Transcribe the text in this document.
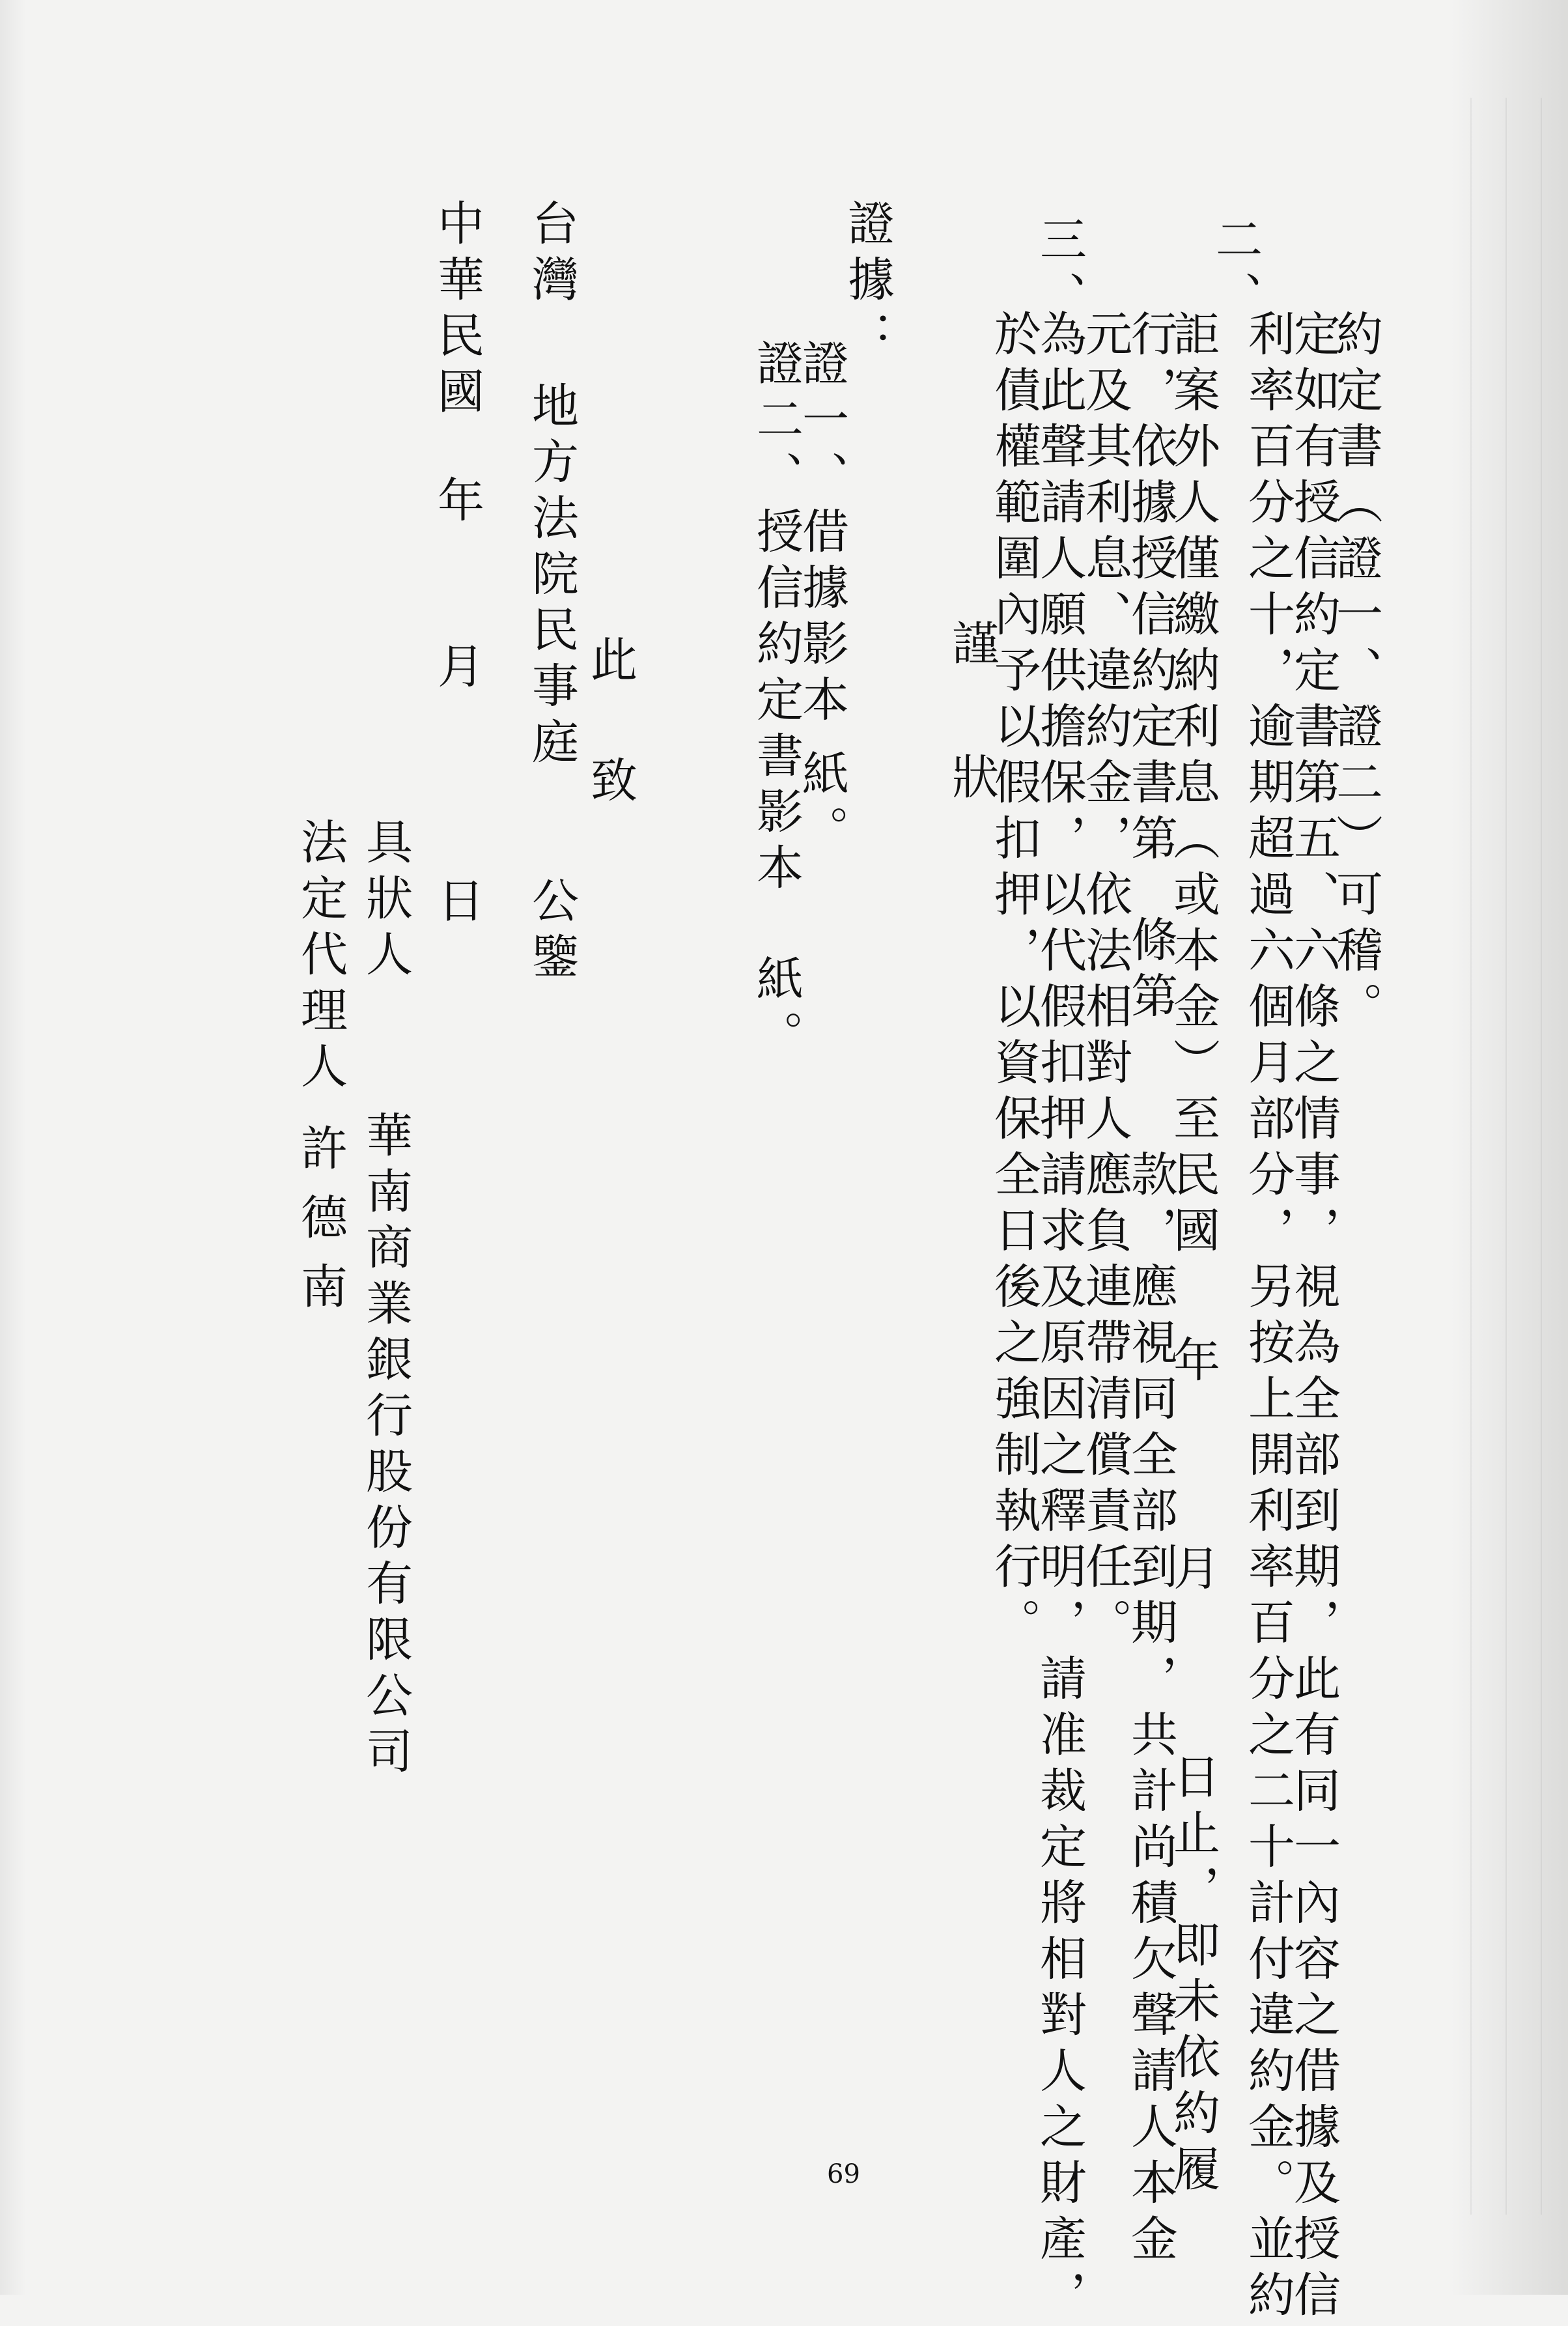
二、
利率百分之十，逾期超過六個月部分，另按上開利率百分之二十計付違約金。並約
定如有授信約定書第五、六條之情事，視為全部到期，此有同一內容之借據及授信
約定書（證一、證二）可稽。
詎案外人僅繳納利息（或本金）至民國
年
月
日止，即未依約履
行，依據授信約定書第
條第
款，應視同全部到期，共計尚積欠聲請人本金
元及其利息、違約金，依法相對人應負連帶清償責任。
三、
為此聲請人願供擔保，以代假扣押請求及原因之釋明，請准裁定將相對人之財產，
於債權範圍內予以假扣押，以資保全日後之強制執行。
謹
狀
證據：
證一、借據影本
紙。
證二、授信約定書影本
紙。
此
致
台灣
地方法院民事庭
公鑒
中華民國
年
月
日
具狀人
華南商業銀行股份有限公司
法定代理人
許德南
69
